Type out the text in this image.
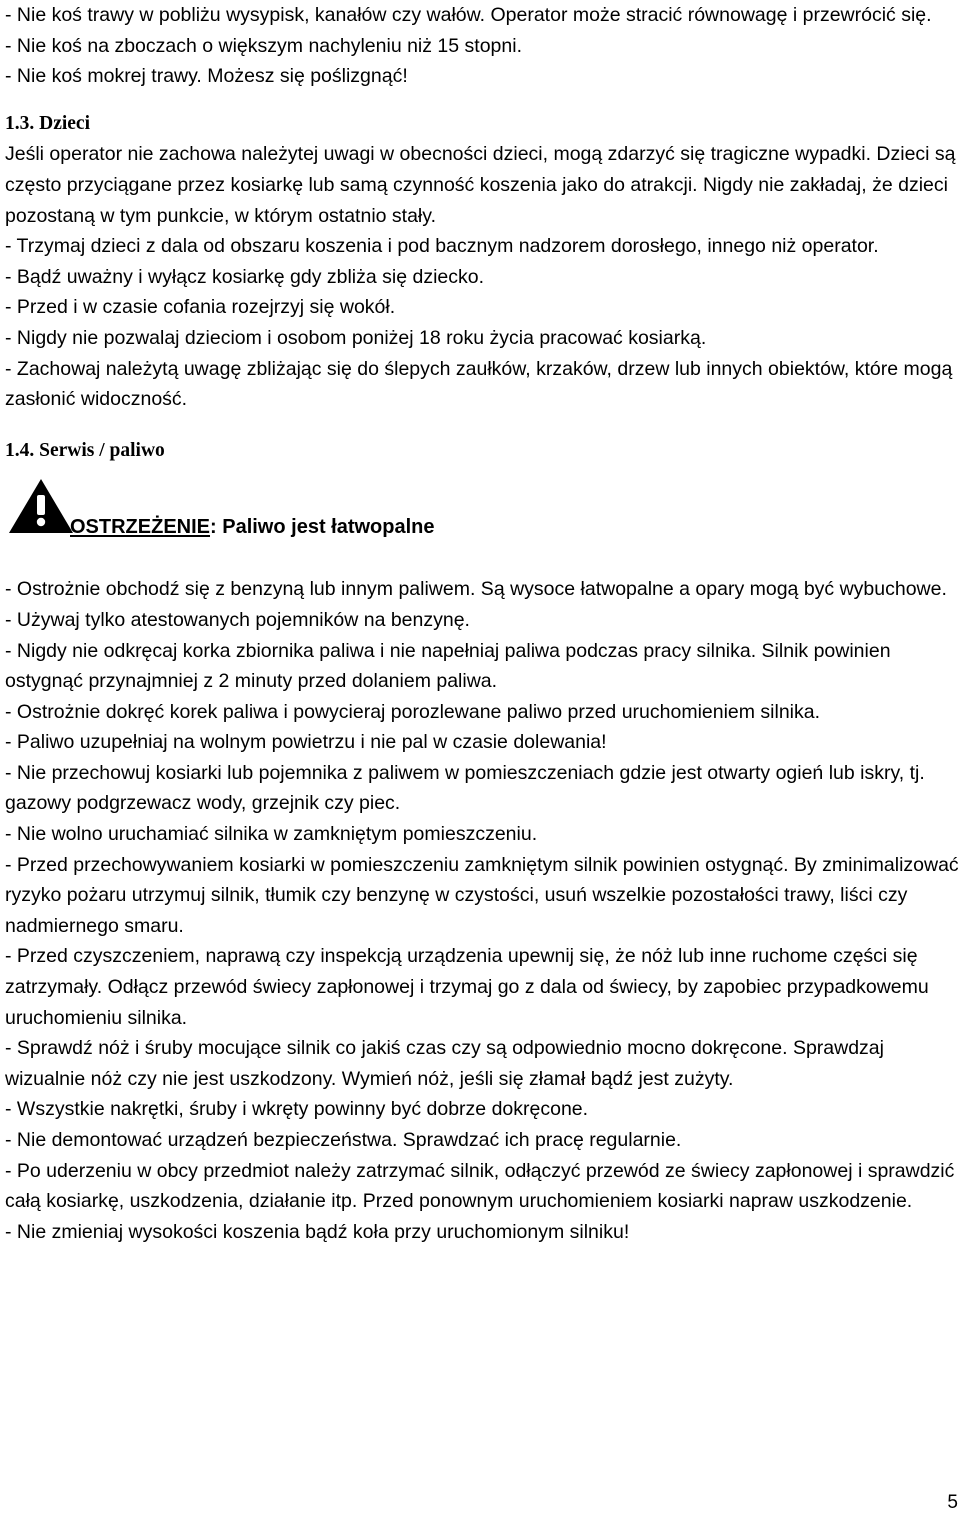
- Nie koś trawy w pobliżu wysypisk, kanałów czy wałów. Operator może stracić równowagę i przewrócić się.

- Nie koś na zboczach o większym nachyleniu niż 15 stopni.

- Nie koś mokrej trawy. Możesz się poślizgnąć!

1.3. Dzieci

Jeśli operator nie zachowa należytej uwagi w obecności dzieci, mogą zdarzyć się tragiczne wypadki. Dzieci są często przyciągane przez kosiarkę lub samą czynność koszenia jako do atrakcji. Nigdy nie zakładaj, że dzieci pozostaną w tym punkcie, w którym ostatnio stały.

- Trzymaj dzieci z dala od obszaru koszenia i pod bacznym nadzorem dorosłego, innego niż operator.

- Bądź uważny i wyłącz kosiarkę gdy zbliża się dziecko.

- Przed i w czasie cofania rozejrzyj się wokół.

- Nigdy nie pozwalaj dzieciom i osobom poniżej 18 roku życia pracować kosiarką.

- Zachowaj należytą uwagę zbliżając się do ślepych zaułków, krzaków, drzew lub innych obiektów, które mogą zasłonić widoczność.

1.4. Serwis / paliwo

OSTRZEŻENIE: Paliwo jest łatwopalne

- Ostrożnie obchodź się z benzyną lub innym paliwem. Są wysoce łatwopalne a opary mogą być wybuchowe.

- Używaj tylko atestowanych pojemników na benzynę.

- Nigdy nie odkręcaj korka zbiornika paliwa i nie napełniaj paliwa podczas pracy silnika. Silnik powinien ostygnąć przynajmniej z 2 minuty przed dolaniem paliwa.

- Ostrożnie dokręć korek paliwa i powycieraj porozlewane paliwo przed uruchomieniem silnika.

- Paliwo uzupełniaj na wolnym powietrzu i nie pal w czasie dolewania!

- Nie przechowuj kosiarki lub pojemnika z paliwem w pomieszczeniach gdzie jest otwarty ogień lub iskry, tj. gazowy podgrzewacz wody, grzejnik czy piec.

- Nie wolno uruchamiać silnika w zamkniętym pomieszczeniu.

- Przed przechowywaniem kosiarki w pomieszczeniu zamkniętym silnik powinien ostygnąć. By zminimalizować ryzyko pożaru utrzymuj silnik, tłumik czy benzynę w czystości, usuń wszelkie pozostałości trawy, liści czy nadmiernego smaru.

- Przed czyszczeniem, naprawą czy inspekcją urządzenia upewnij się, że nóż lub inne ruchome części się zatrzymały. Odłącz przewód świecy zapłonowej i trzymaj go z dala od świecy, by zapobiec przypadkowemu uruchomieniu silnika.

- Sprawdź nóż i śruby mocujące silnik co jakiś czas czy są odpowiednio mocno dokręcone. Sprawdzaj wizualnie nóż czy nie jest uszkodzony. Wymień nóż, jeśli się złamał bądź jest zużyty.

- Wszystkie nakrętki, śruby i wkręty powinny być dobrze dokręcone.

- Nie demontować urządzeń bezpieczeństwa. Sprawdzać ich pracę regularnie.

- Po uderzeniu w obcy przedmiot należy zatrzymać silnik, odłączyć przewód ze świecy zapłonowej i sprawdzić całą kosiarkę, uszkodzenia, działanie itp. Przed ponownym uruchomieniem kosiarki napraw uszkodzenie.

- Nie zmieniaj wysokości koszenia bądź koła przy uruchomionym silniku!

5
